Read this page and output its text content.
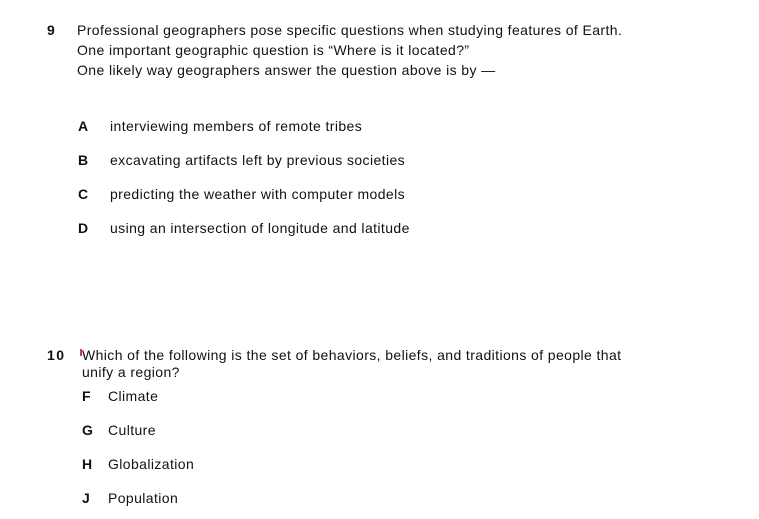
9 Professional geographers pose specific questions when studying features of Earth.
One important geographic question is “Where is it located?”
One likely way geographers answer the question above is by —
A interviewing members of remote tribes
B excavating artifacts left by previous societies
C predicting the weather with computer models
D using an intersection of longitude and latitude
10 Which of the following is the set of behaviors, beliefs, and traditions of people that
unify a region?
F Climate
G Culture
H Globalization
J Population
